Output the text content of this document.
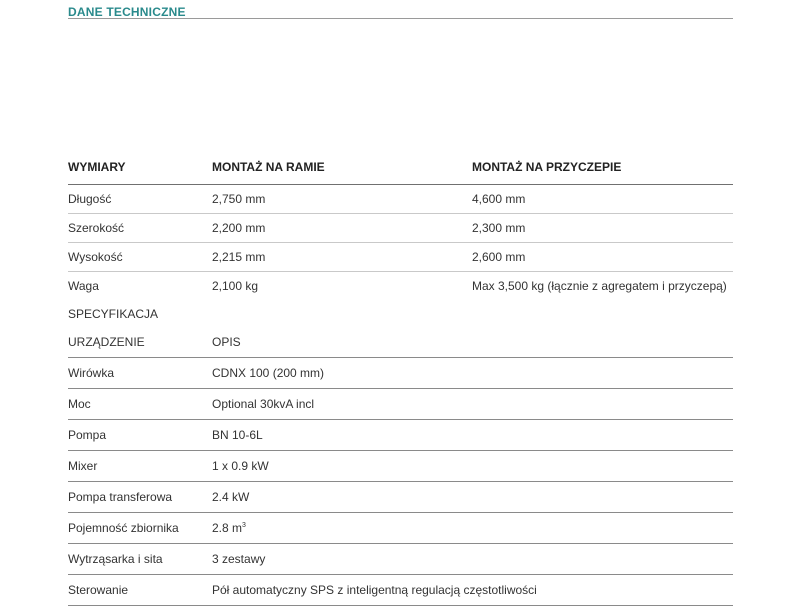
DANE TECHNICZNE
WYMIARY	MONTAŻ NA RAMIE	MONTAŻ NA PRZYCZEPIE
Długość	2,750 mm	4,600 mm
Szerokość	2,200 mm	2,300 mm
Wysokość	2,215 mm	2,600 mm
Waga	2,100 kg	Max 3,500 kg (łącznie z agregatem i przyczepą)
SPECYFIKACJA
URZĄDZENIE	OPIS
Wirówka	CDNX 100 (200 mm)
Moc	Optional 30kvA incl
Pompa	BN 10-6L
Mixer	1 x 0.9 kW
Pompa transferowa	2.4 kW
Pojemność zbiornika	2.8 $m^3$
Wytrząsarka i sita	3 zestawy
Sterowanie	Pół automatyczny SPS z inteligentną regulacją częstotliwości
